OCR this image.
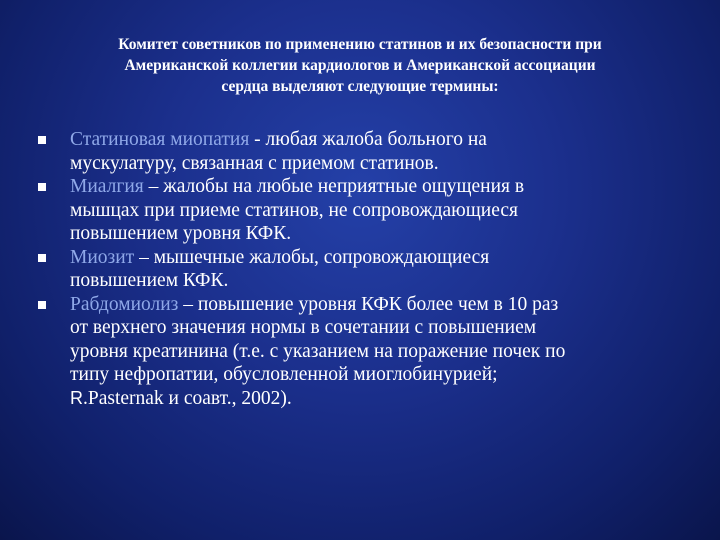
Комитет советников по применению статинов и их безопасности при
Американской коллегии кардиологов и Американской ассоциации
сердца выделяют следующие термины:
Статиновая миопатия - любая жалоба больного на
мускулатуру, связанная с приемом статинов.
Миалгия – жалобы на любые неприятные ощущения в
мышцах при приеме статинов, не сопровождающиеся
повышением уровня КФК.
Миозит – мышечные жалобы, сопровождающиеся
повышением КФК.
Рабдомиолиз – повышение уровня КФК более чем в 10 раз
от верхнего значения нормы в сочетании с повышением
уровня креатинина (т.е. с указанием на поражение почек по
типу нефропатии, обусловленной миоглобинурией;
R.Pasternak и соавт., 2002).
